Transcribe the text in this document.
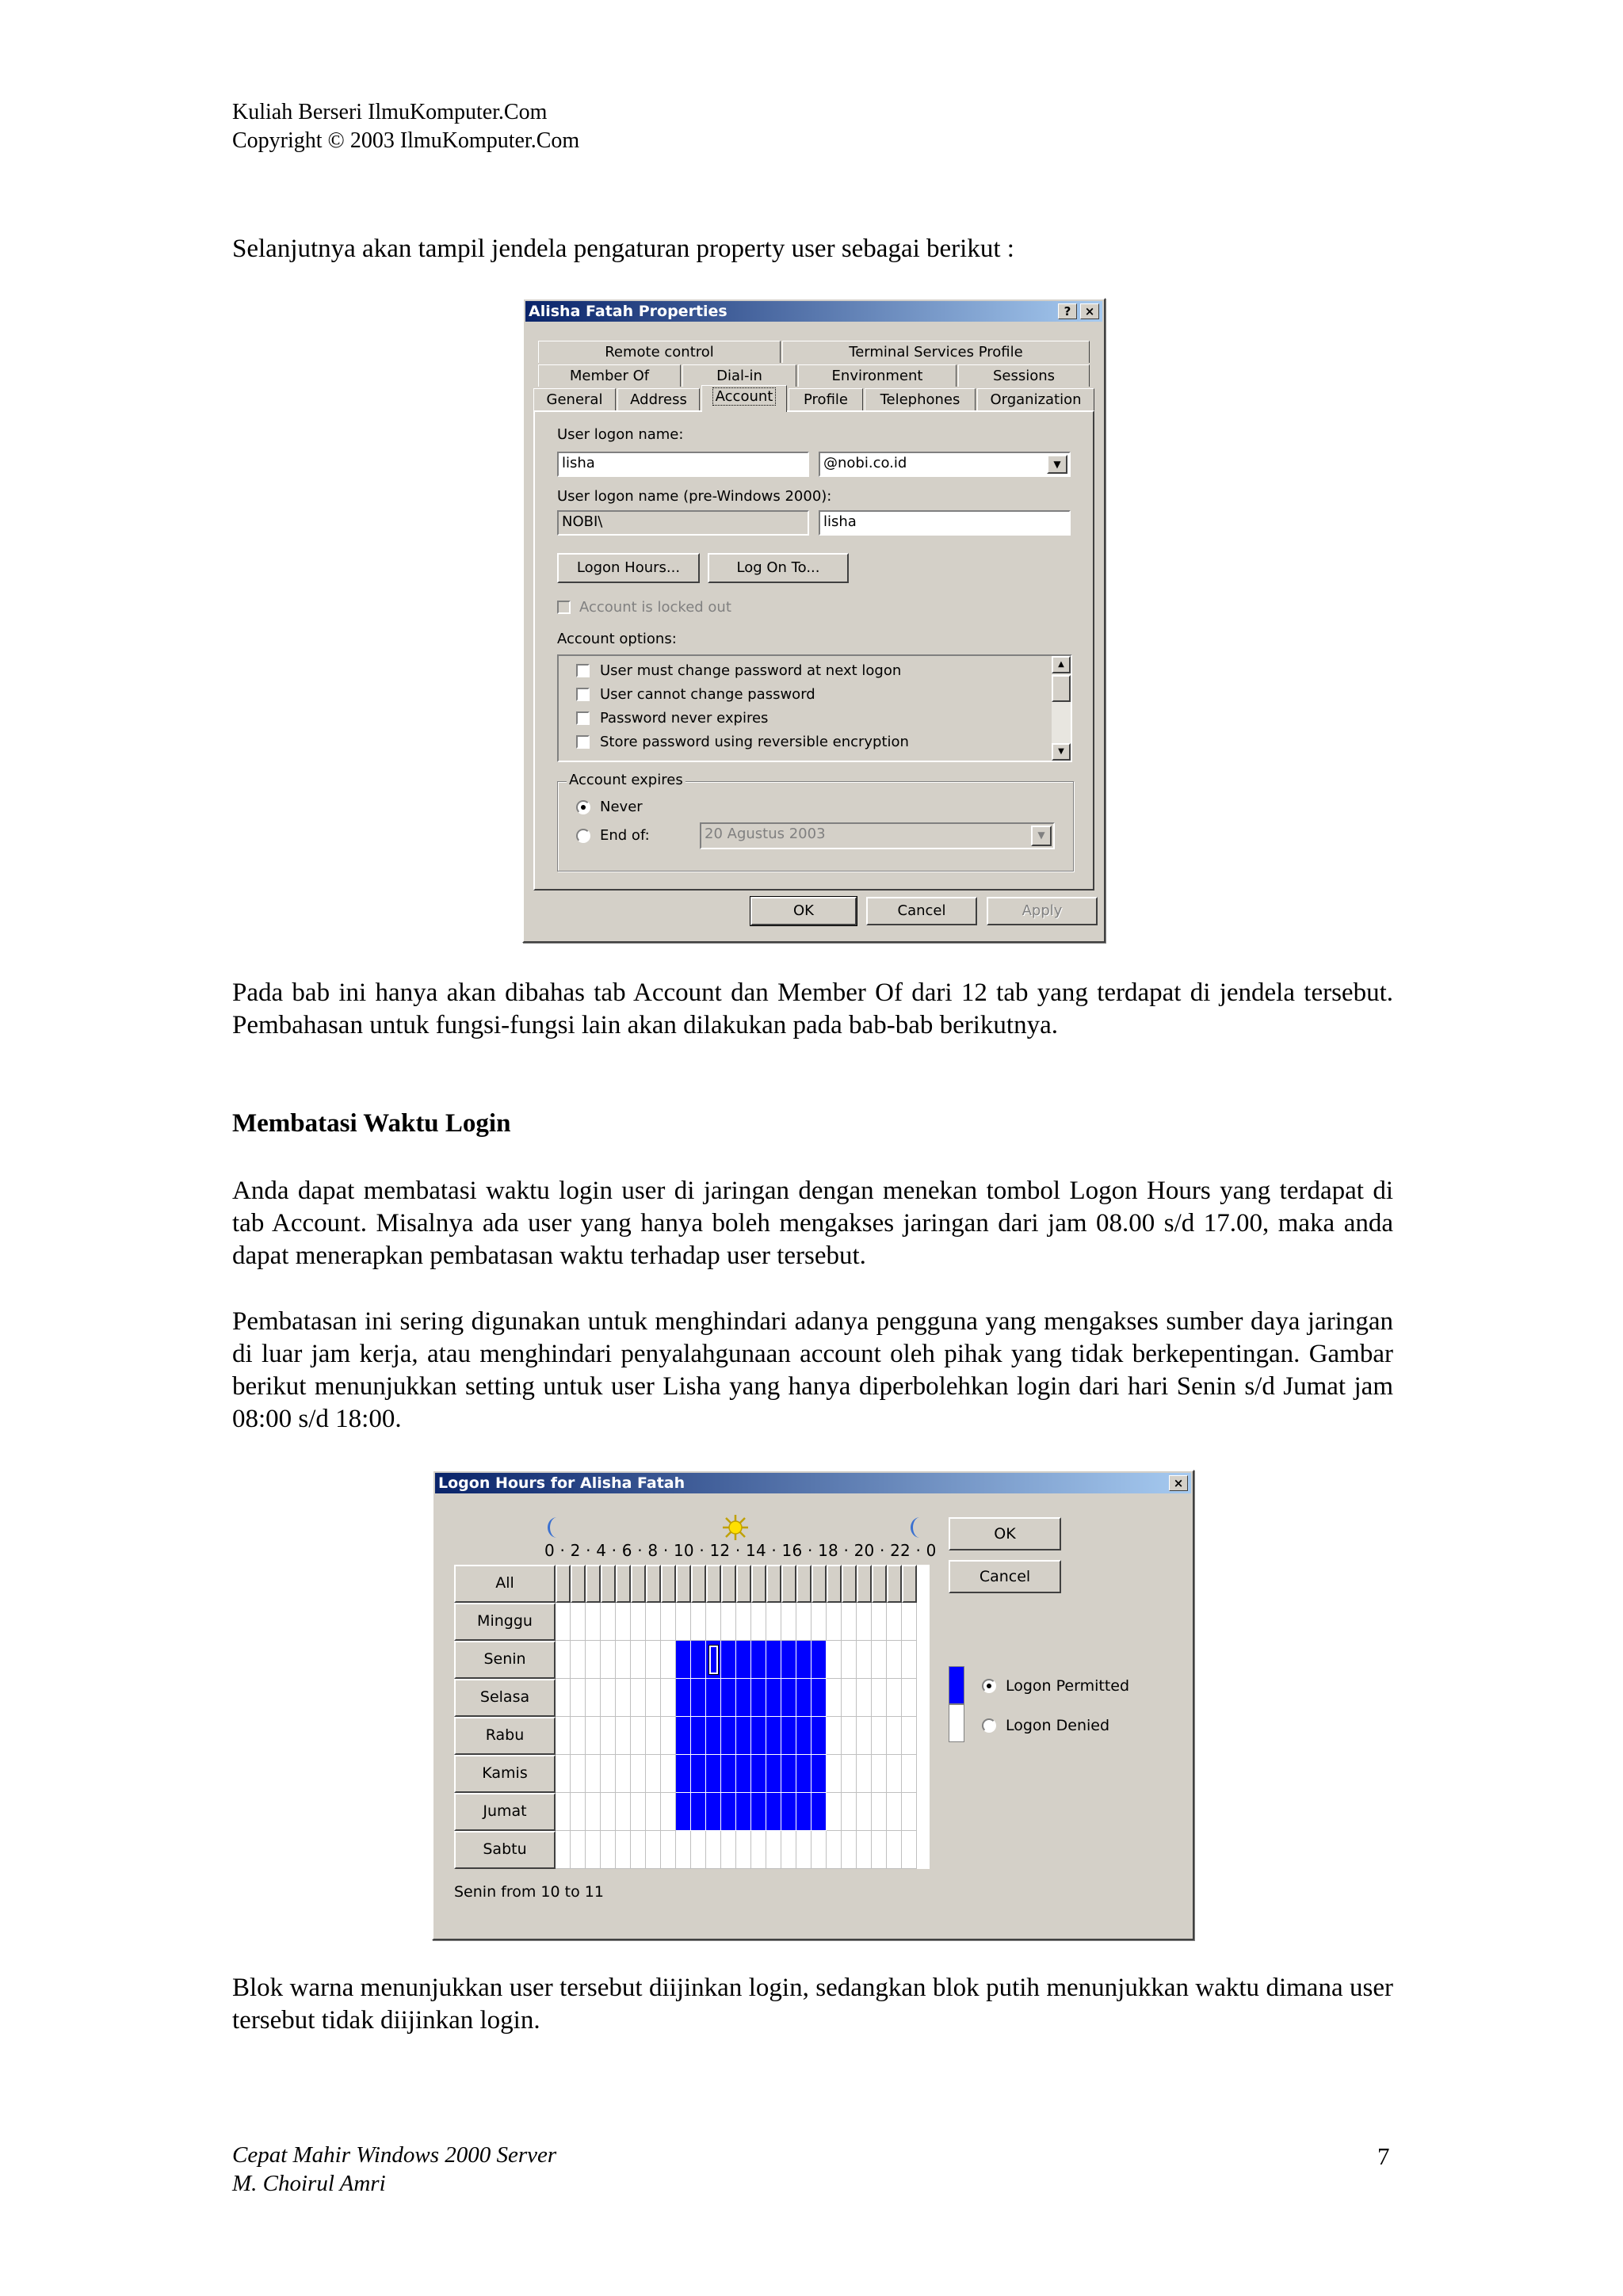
Kuliah Berseri IlmuKomputer.Com
Copyright © 2003 IlmuKomputer.Com
Selanjutnya akan tampil jendela pengaturan property user sebagai berikut :
Alisha Fatah Properties	?	×
Remote control	Terminal Services Profile
Member Of	Dial-in	Environment	Sessions
General	Address	Account	Profile	Telephones	Organization
User logon name:
lisha	@nobi.co.id	▼
User logon name (pre-Windows 2000):
NOBI\	lisha
Logon Hours...	Log On To...
Account is locked out
Account options:
User must change password at next logon
User cannot change password
Password never expires
Store password using reversible encryption
▲
▼
Account expires
Never
End of:	20 Agustus 2003	▼
OK	Cancel	Apply
Pada bab ini hanya akan dibahas tab Account dan Member Of dari 12 tab yang terdapat di jendela tersebut. Pembahasan untuk fungsi-fungsi lain akan dilakukan pada bab-bab berikutnya.
Membatasi Waktu Login
Anda dapat membatasi waktu login user di jaringan dengan menekan tombol Logon Hours yang terdapat di tab Account. Misalnya ada user yang hanya boleh mengakses jaringan dari jam 08.00 s/d 17.00, maka anda dapat menerapkan pembatasan waktu terhadap user tersebut.
Pembatasan ini sering digunakan untuk menghindari adanya pengguna yang mengakses sumber daya jaringan di luar jam kerja, atau menghindari penyalahgunaan account oleh pihak yang tidak berkepentingan. Gambar berikut menunjukkan setting untuk user Lisha yang hanya diperbolehkan login dari hari Senin s/d Jumat jam 08:00 s/d 18:00.
Logon Hours for Alisha Fatah	×
0 · 2 · 4 · 6 · 8 · 10 · 12 · 14 · 16 · 18 · 20 · 22 · 0
All
Minggu
Senin
Selasa
Rabu
Kamis
Jumat
Sabtu
OK
Cancel
Logon Permitted
Logon Denied
Senin from 10 to 11
Blok warna menunjukkan user tersebut diijinkan login, sedangkan blok putih menunjukkan waktu dimana user tersebut tidak diijinkan login.
Cepat Mahir Windows 2000 Server
M. Choirul Amri
7
